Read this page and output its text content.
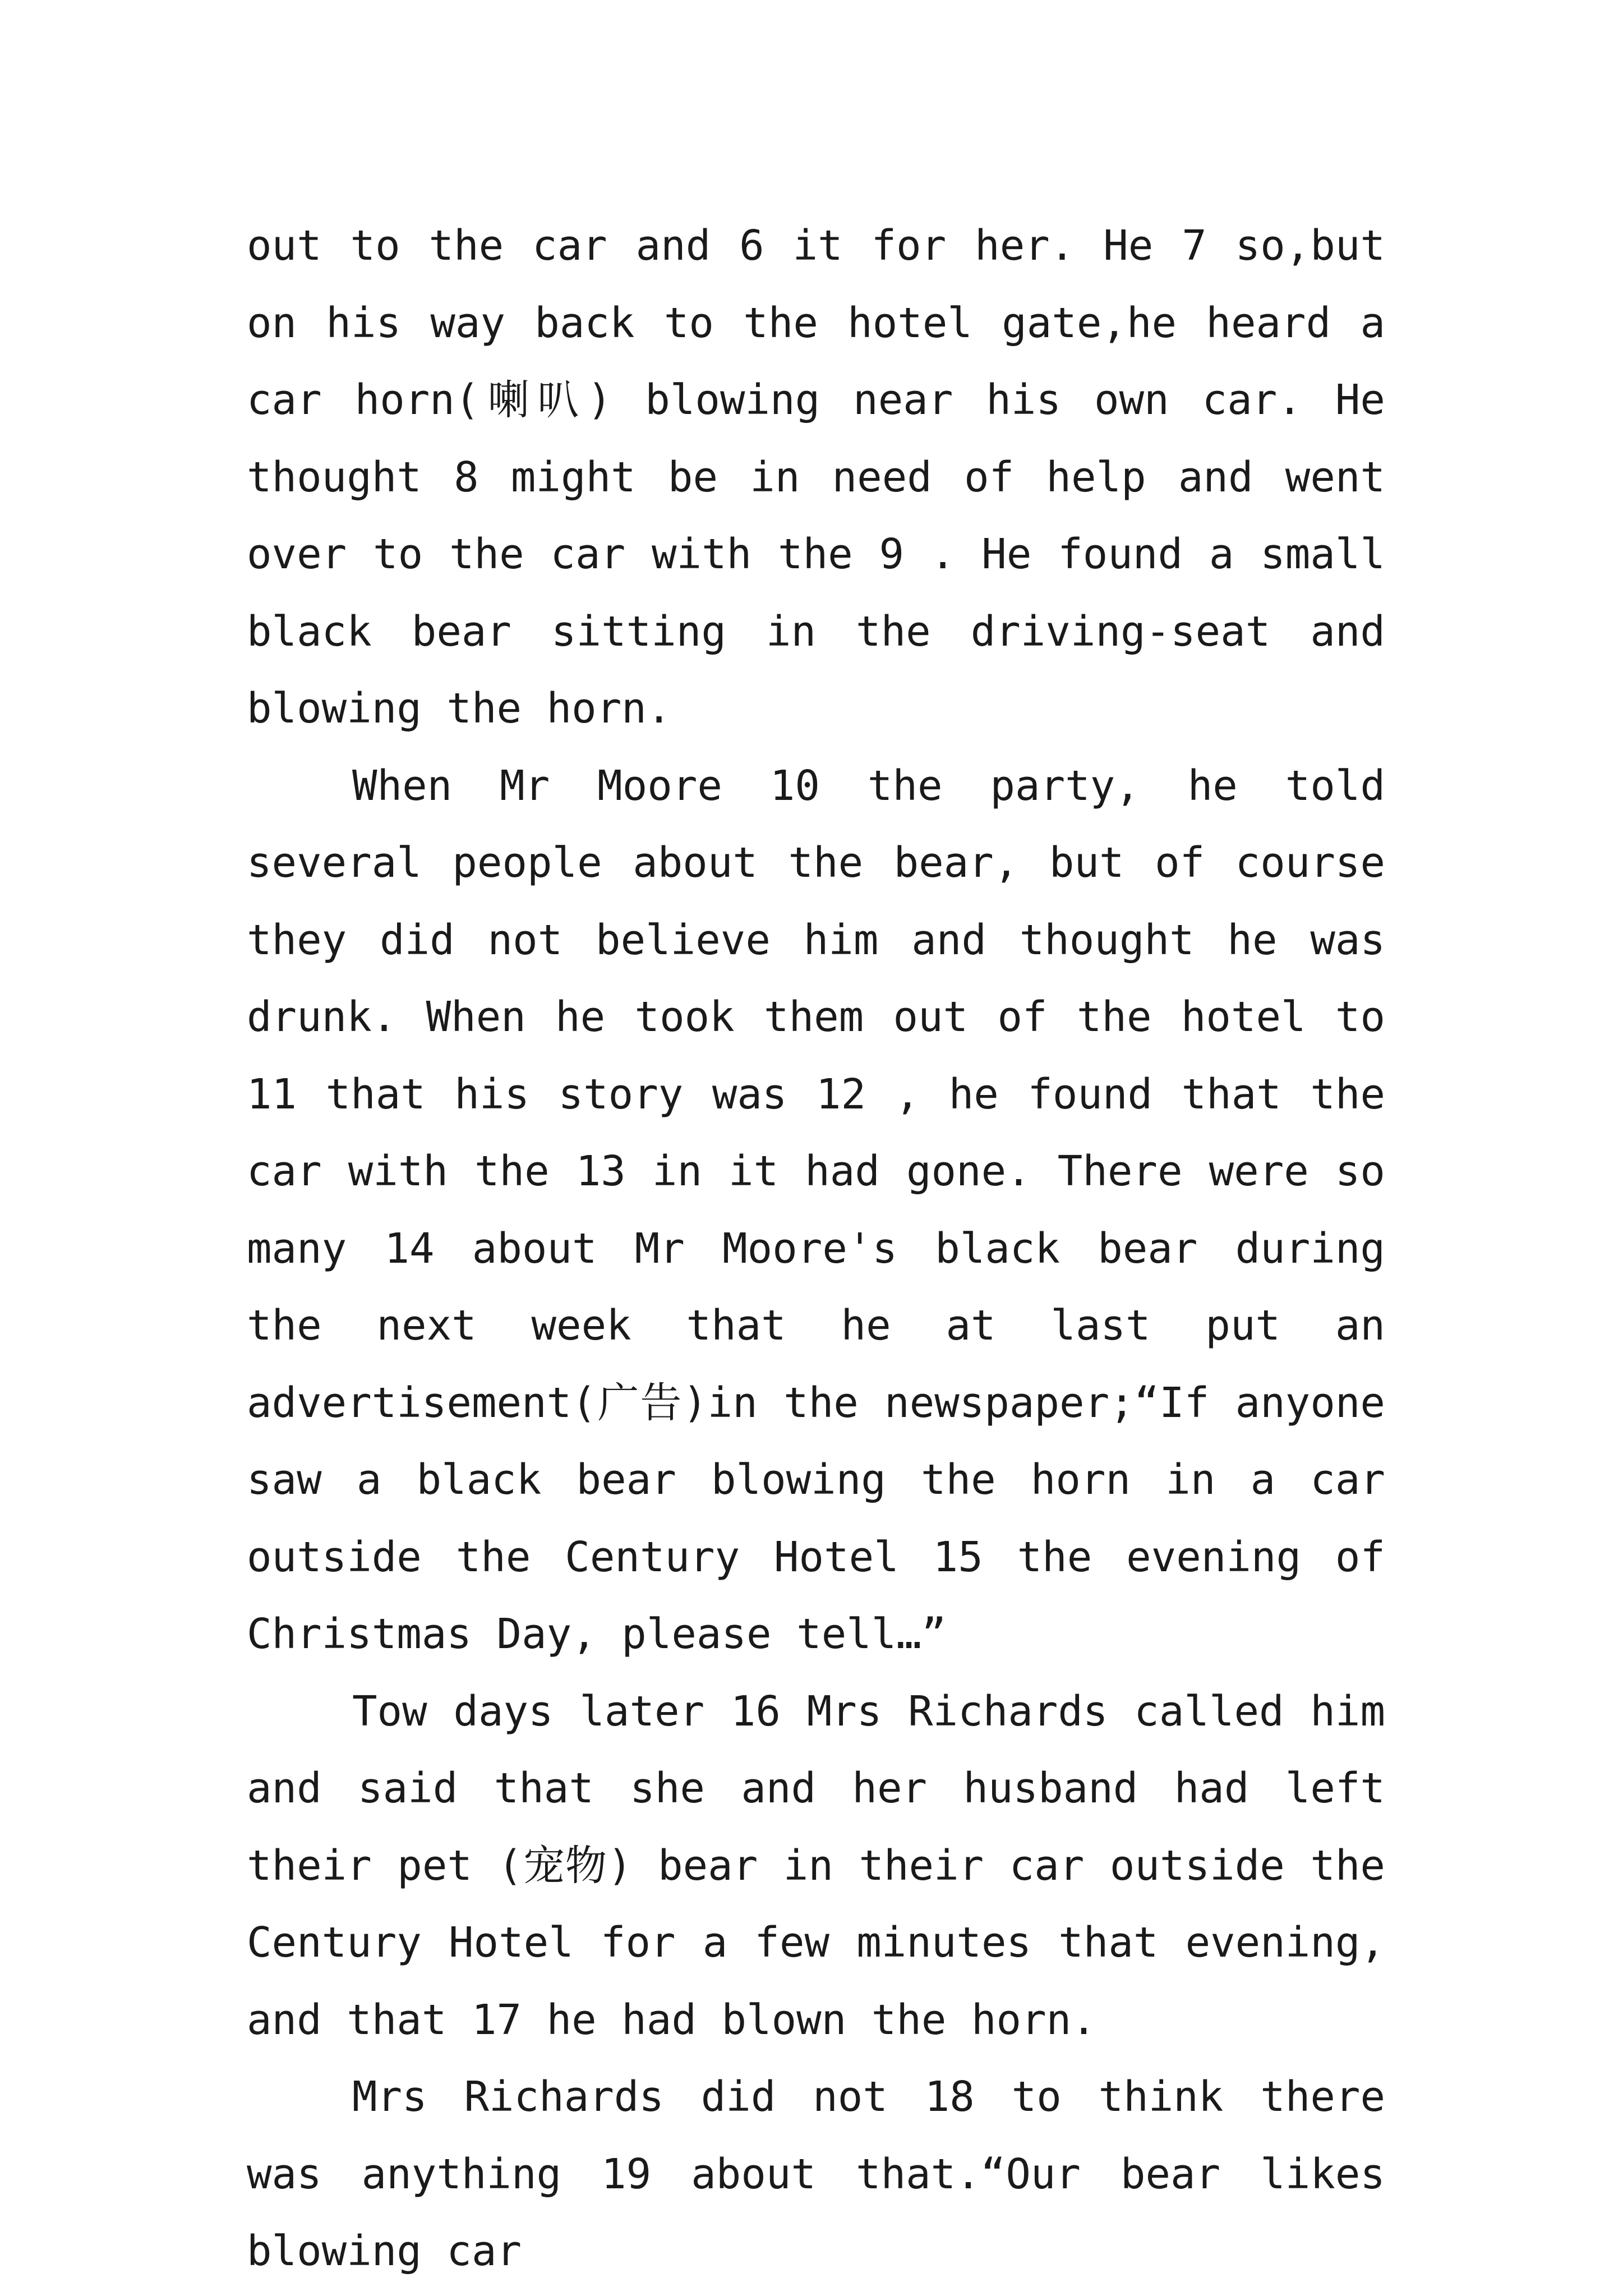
out to the car and 6 it for her. He 7 so,but on his way back to the hotel gate,he heard a car horn(喇叭) blowing near his own car. He thought 8 might be in need of help and went over to the car with the 9 . He found a small black bear sitting in the driving-seat and blowing the horn.

When Mr Moore 10 the party, he told several people about the bear, but of course they did not believe him and thought he was drunk. When he took them out of the hotel to 11 that his story was 12 , he found that the car with the 13 in it had gone. There were so many 14 about Mr Moore's black bear during the next week that he at last put an advertisement(广告)in the newspaper;“If anyone saw a black bear blowing the horn in a car outside the Century Hotel 15 the evening of Christmas Day, please tell…”

Tow days later 16 Mrs Richards called him and said that she and her husband had left their pet (宠物) bear in their car outside the Century Hotel for a few minutes that evening, and that 17 he had blown the horn.

Mrs Richards did not 18 to think there was anything 19 about that.“Our bear likes blowing car
